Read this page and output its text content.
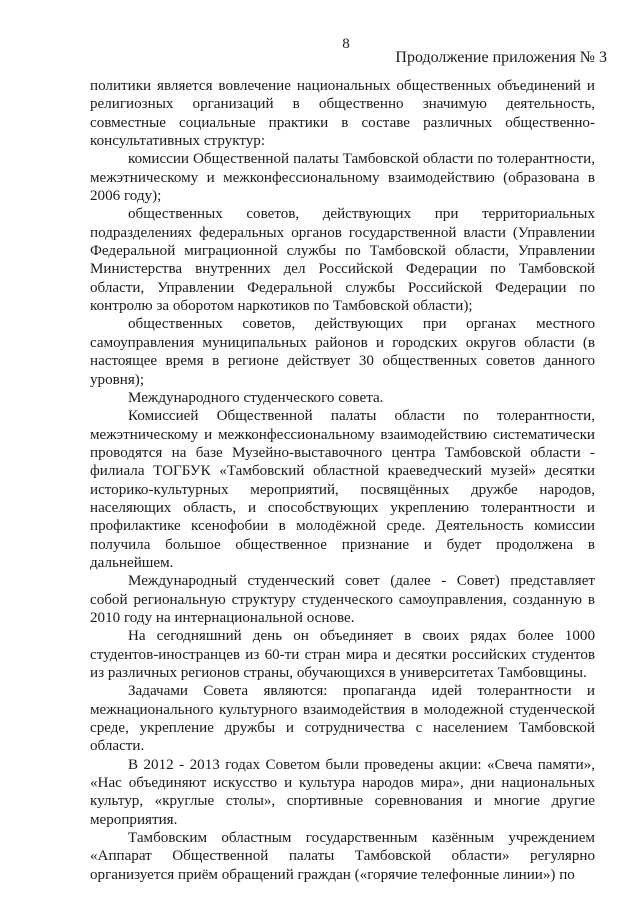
8
Продолжение приложения № 3

политики является вовлечение национальных общественных объединений и религиозных организаций в общественно значимую деятельность, совместные социальные практики в составе различных общественно-консультативных структур:

комиссии Общественной палаты Тамбовской области по толерантности, межэтническому и межконфессиональному взаимодействию (образована в 2006 году);

общественных советов, действующих при территориальных подразделениях федеральных органов государственной власти (Управлении Федеральной миграционной службы по Тамбовской области, Управлении Министерства внутренних дел Российской Федерации по Тамбовской области, Управлении Федеральной службы Российской Федерации по контролю за оборотом наркотиков по Тамбовской области);

общественных советов, действующих при органах местного самоуправления муниципальных районов и городских округов области (в настоящее время в регионе действует 30 общественных советов данного уровня);

Международного студенческого совета.

Комиссией Общественной палаты области по толерантности, межэтническому и межконфессиональному взаимодействию систематически проводятся на базе Музейно-выставочного центра Тамбовской области - филиала ТОГБУК «Тамбовский областной краеведческий музей» десятки историко-культурных мероприятий, посвящённых дружбе народов, населяющих область, и способствующих укреплению толерантности и профилактике ксенофобии в молодёжной среде. Деятельность комиссии получила большое общественное признание и будет продолжена в дальнейшем.

Международный студенческий совет (далее - Совет) представляет собой региональную структуру студенческого самоуправления, созданную в 2010 году на интернациональной основе.

На сегодняшний день он объединяет в своих рядах более 1000 студентов-иностранцев из 60-ти стран мира и десятки российских студентов из различных регионов страны, обучающихся в университетах Тамбовщины.

Задачами Совета являются: пропаганда идей толерантности и межнационального культурного взаимодействия в молодежной студенческой среде, укрепление дружбы и сотрудничества с населением Тамбовской области.

В 2012 - 2013 годах Советом были проведены акции: «Свеча памяти», «Нас объединяют искусство и культура народов мира», дни национальных культур, «круглые столы», спортивные соревнования и многие другие мероприятия.

Тамбовским областным государственным казённым учреждением «Аппарат Общественной палаты Тамбовской области» регулярно организуется приём обращений граждан («горячие телефонные линии») по
